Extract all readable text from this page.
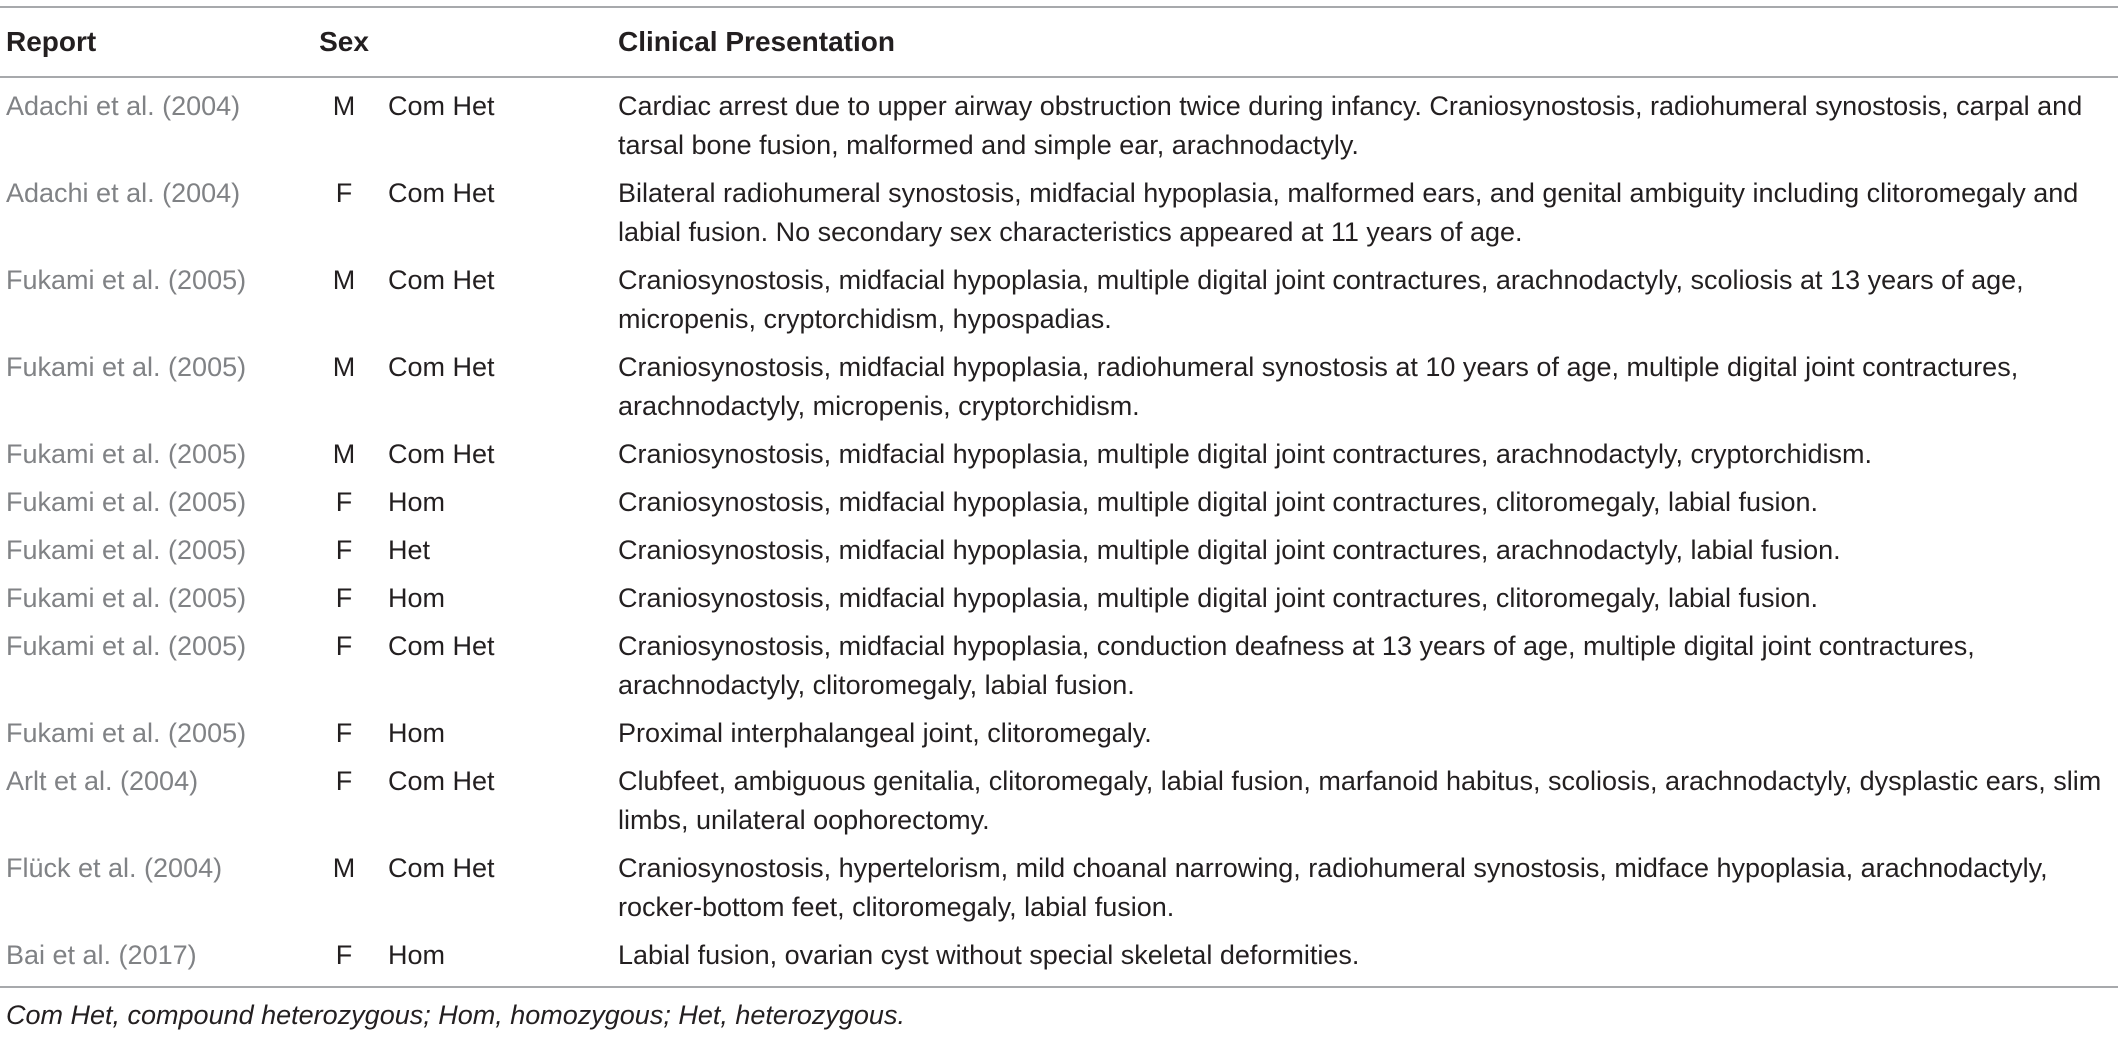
Report	Sex		Clinical Presentation
Adachi et al. (2004)	M	Com Het	Cardiac arrest due to upper airway obstruction twice during infancy. Craniosynostosis, radiohumeral synostosis, carpal and tarsal bone fusion, malformed and simple ear, arachnodactyly.
Adachi et al. (2004)	F	Com Het	Bilateral radiohumeral synostosis, midfacial hypoplasia, malformed ears, and genital ambiguity including clitoromegaly and labial fusion. No secondary sex characteristics appeared at 11 years of age.
Fukami et al. (2005)	M	Com Het	Craniosynostosis, midfacial hypoplasia, multiple digital joint contractures, arachnodactyly, scoliosis at 13 years of age, micropenis, cryptorchidism, hypospadias.
Fukami et al. (2005)	M	Com Het	Craniosynostosis, midfacial hypoplasia, radiohumeral synostosis at 10 years of age, multiple digital joint contractures, arachnodactyly, micropenis, cryptorchidism.
Fukami et al. (2005)	M	Com Het	Craniosynostosis, midfacial hypoplasia, multiple digital joint contractures, arachnodactyly, cryptorchidism.
Fukami et al. (2005)	F	Hom	Craniosynostosis, midfacial hypoplasia, multiple digital joint contractures, clitoromegaly, labial fusion.
Fukami et al. (2005)	F	Het	Craniosynostosis, midfacial hypoplasia, multiple digital joint contractures, arachnodactyly, labial fusion.
Fukami et al. (2005)	F	Hom	Craniosynostosis, midfacial hypoplasia, multiple digital joint contractures, clitoromegaly, labial fusion.
Fukami et al. (2005)	F	Com Het	Craniosynostosis, midfacial hypoplasia, conduction deafness at 13 years of age, multiple digital joint contractures, arachnodactyly, clitoromegaly, labial fusion.
Fukami et al. (2005)	F	Hom	Proximal interphalangeal joint, clitoromegaly.
Arlt et al. (2004)	F	Com Het	Clubfeet, ambiguous genitalia, clitoromegaly, labial fusion, marfanoid habitus, scoliosis, arachnodactyly, dysplastic ears, slim limbs, unilateral oophorectomy.
Flück et al. (2004)	M	Com Het	Craniosynostosis, hypertelorism, mild choanal narrowing, radiohumeral synostosis, midface hypoplasia, arachnodactyly, rocker-bottom feet, clitoromegaly, labial fusion.
Bai et al. (2017)	F	Hom	Labial fusion, ovarian cyst without special skeletal deformities.
Com Het, compound heterozygous; Hom, homozygous; Het, heterozygous.
